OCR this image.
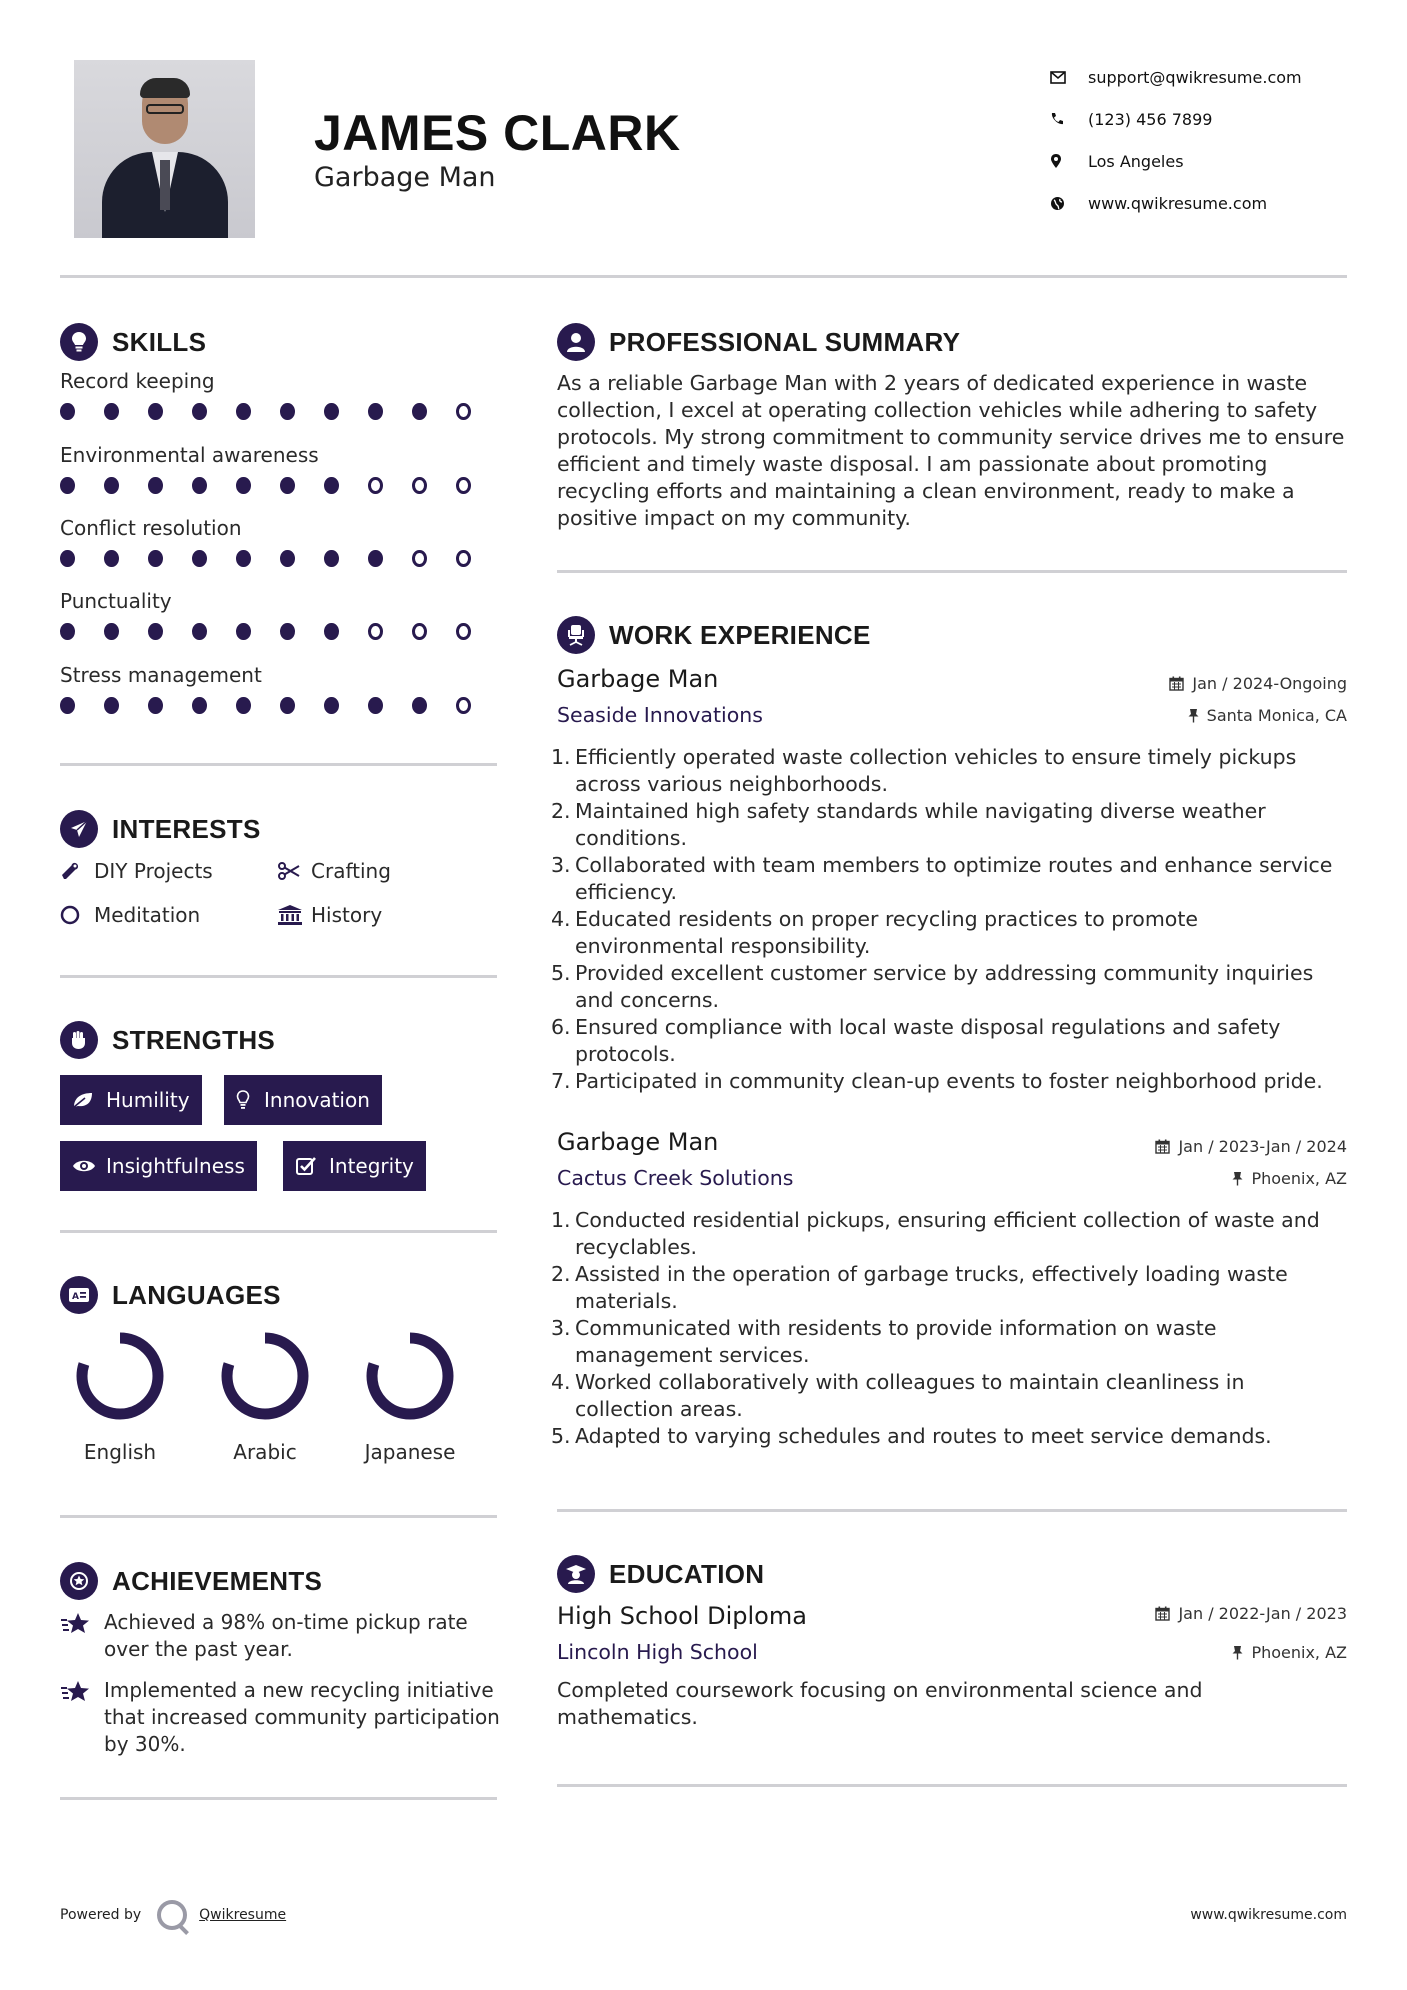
JAMES CLARK
Garbage Man
support@qwikresume.com
(123) 456 7899
Los Angeles
www.qwikresume.com
SKILLS
Record keeping
Environmental awareness
Conflict resolution
Punctuality
Stress management
INTERESTS
DIY Projects	Crafting
Meditation	History
STRENGTHS
Humility	Innovation
Insightfulness	Integrity
A LANGUAGES
English	Arabic	Japanese
ACHIEVEMENTS
Achieved a 98% on-time pickup rate over the past year.
Implemented a new recycling initiative that increased community participation by 30%.
PROFESSIONAL SUMMARY
As a reliable Garbage Man with 2 years of dedicated experience in waste collection, I excel at operating collection vehicles while adhering to safety protocols. My strong commitment to community service drives me to ensure efficient and timely waste disposal. I am passionate about promoting recycling efforts and maintaining a clean environment, ready to make a positive impact on my community.
WORK EXPERIENCE
Garbage Man
Seaside Innovations
Jan / 2024-Ongoing
Santa Monica, CA
Efficiently operated waste collection vehicles to ensure timely pickups across various neighborhoods.
Maintained high safety standards while navigating diverse weather conditions.
Collaborated with team members to optimize routes and enhance service efficiency.
Educated residents on proper recycling practices to promote environmental responsibility.
Provided excellent customer service by addressing community inquiries and concerns.
Ensured compliance with local waste disposal regulations and safety protocols.
Participated in community clean-up events to foster neighborhood pride.
Garbage Man
Cactus Creek Solutions
Jan / 2023-Jan / 2024
Phoenix, AZ
Conducted residential pickups, ensuring efficient collection of waste and recyclables.
Assisted in the operation of garbage trucks, effectively loading waste materials.
Communicated with residents to provide information on waste management services.
Worked collaboratively with colleagues to maintain cleanliness in collection areas.
Adapted to varying schedules and routes to meet service demands.
EDUCATION
High School Diploma
Lincoln High School
Jan / 2022-Jan / 2023
Phoenix, AZ
Completed coursework focusing on environmental science and mathematics.
Powered by	Qwikresume	www.qwikresume.com
